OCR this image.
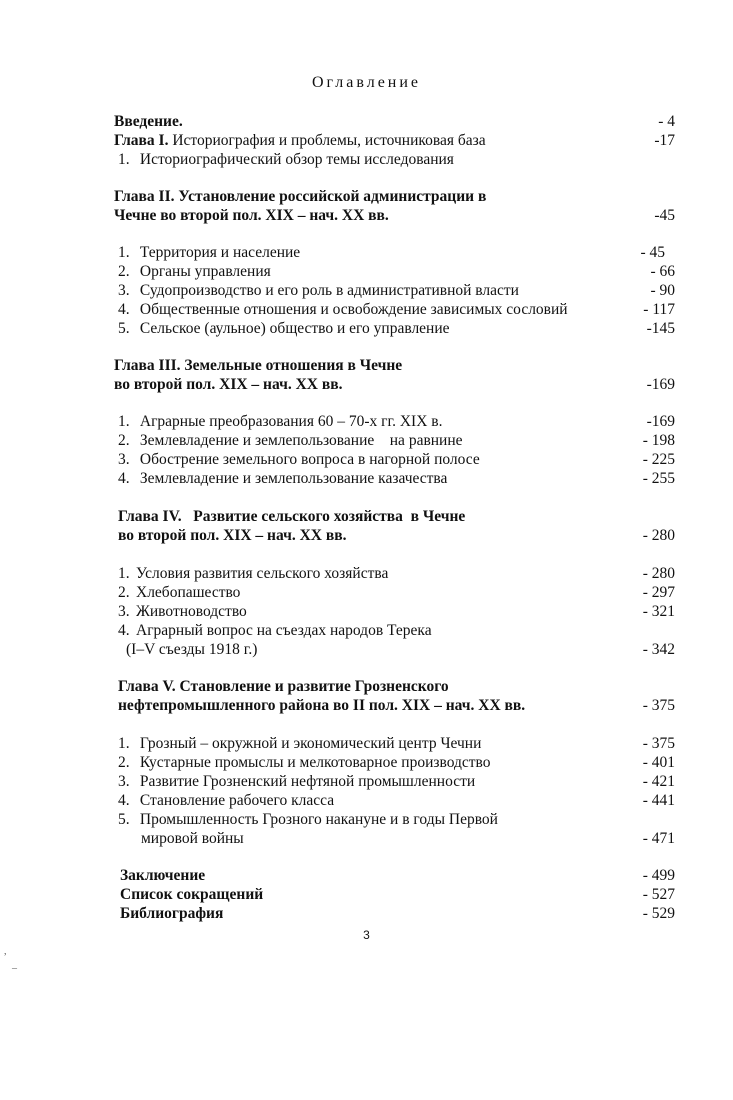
Оглавление
Введение.	- 4
Глава I. Историография и проблемы, источниковая база	-17
1. Историографический обзор темы исследования
Глава II. Установление российской администрации в
Чечне во второй пол. XIX – нач. XX вв.	-45
1. Территория и население	- 45
2. Органы управления	- 66
3. Судопроизводство и его роль в административной власти	- 90
4. Общественные отношения и освобождение зависимых сословий	- 117
5. Сельское (аульное) общество и его управление	-145
Глава III. Земельные отношения в Чечне
во второй пол. XIX – нач. XX вв.	-169
1. Аграрные преобразования 60 – 70-х гг. XIX в.	-169
2. Землевладение и землепользование    на равнине	- 198
3. Обострение земельного вопроса в нагорной полосе	- 225
4. Землевладение и землепользование казачества	- 255
Глава IV.   Развитие сельского хозяйства  в Чечне
во второй пол. XIX – нач. XX вв.	- 280
1. Условия развития сельского хозяйства	- 280
2. Хлебопашество	- 297
3. Животноводство	- 321
4. Аграрный вопрос на съездах народов Терека
(I–V съезды 1918 г.)	- 342
Глава V. Становление и развитие Грозненского
нефтепромышленного района во II пол. XIX – нач. XX вв.	- 375
1. Грозный – окружной и экономический центр Чечни	- 375
2. Кустарные промыслы и мелкотоварное производство	- 401
3. Развитие Грозненский нефтяной промышленности	- 421
4. Становление рабочего класса	- 441
5. Промышленность Грозного накануне и в годы Первой
мировой войны	- 471
Заключение	- 499
Список сокращений	- 527
Библиография	- 529
3
,
–
